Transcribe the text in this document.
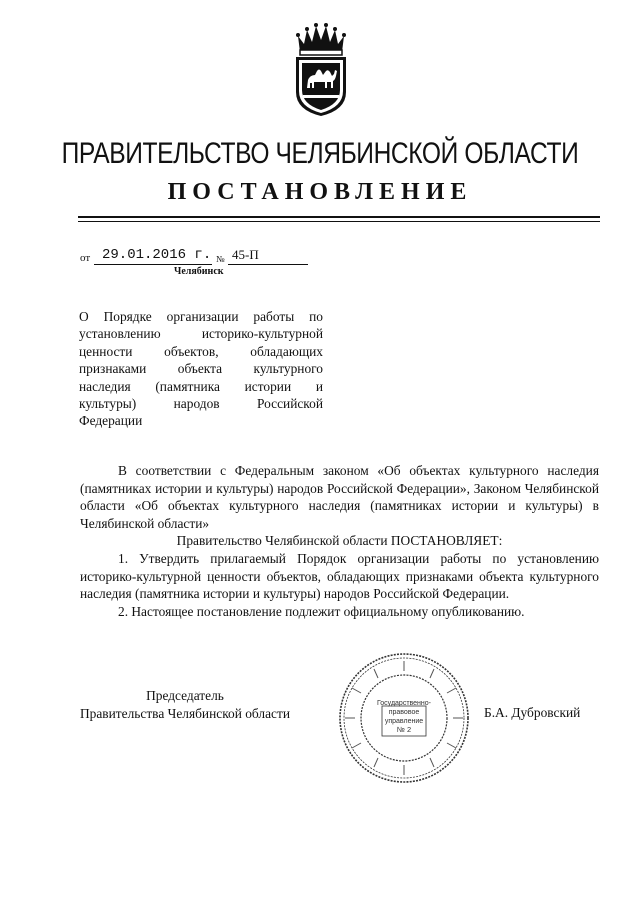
ПРАВИТЕЛЬСТВО ЧЕЛЯБИНСКОЙ ОБЛАСТИ
ПОСТАНОВЛЕНИЕ
от 29.01.2016 г. № 45-П
Челябинск
О Порядке организации работы по
установлению историко-культурной
ценности объектов, обладающих
признаками объекта культурного
наследия (памятника истории и
культуры) народов Российской
Федерации

В соответствии с Федеральным законом «Об объектах культурного наследия (памятниках истории и культуры) народов Российской Федерации», Законом Челябинской области «Об объектах культурного наследия (памятниках истории и культуры) в Челябинской области»

Правительство Челябинской области ПОСТАНОВЛЯЕТ:

1. Утвердить прилагаемый Порядок организации работы по установлению историко-культурной ценности объектов, обладающих признаками объекта культурного наследия (памятника истории и культуры) народов Российской Федерации.

2. Настоящее постановление подлежит официальному опубликованию.

Председатель
Правительства Челябинской области	Б.А. Дубровский
Государственно-
правовое
управление
№ 2
